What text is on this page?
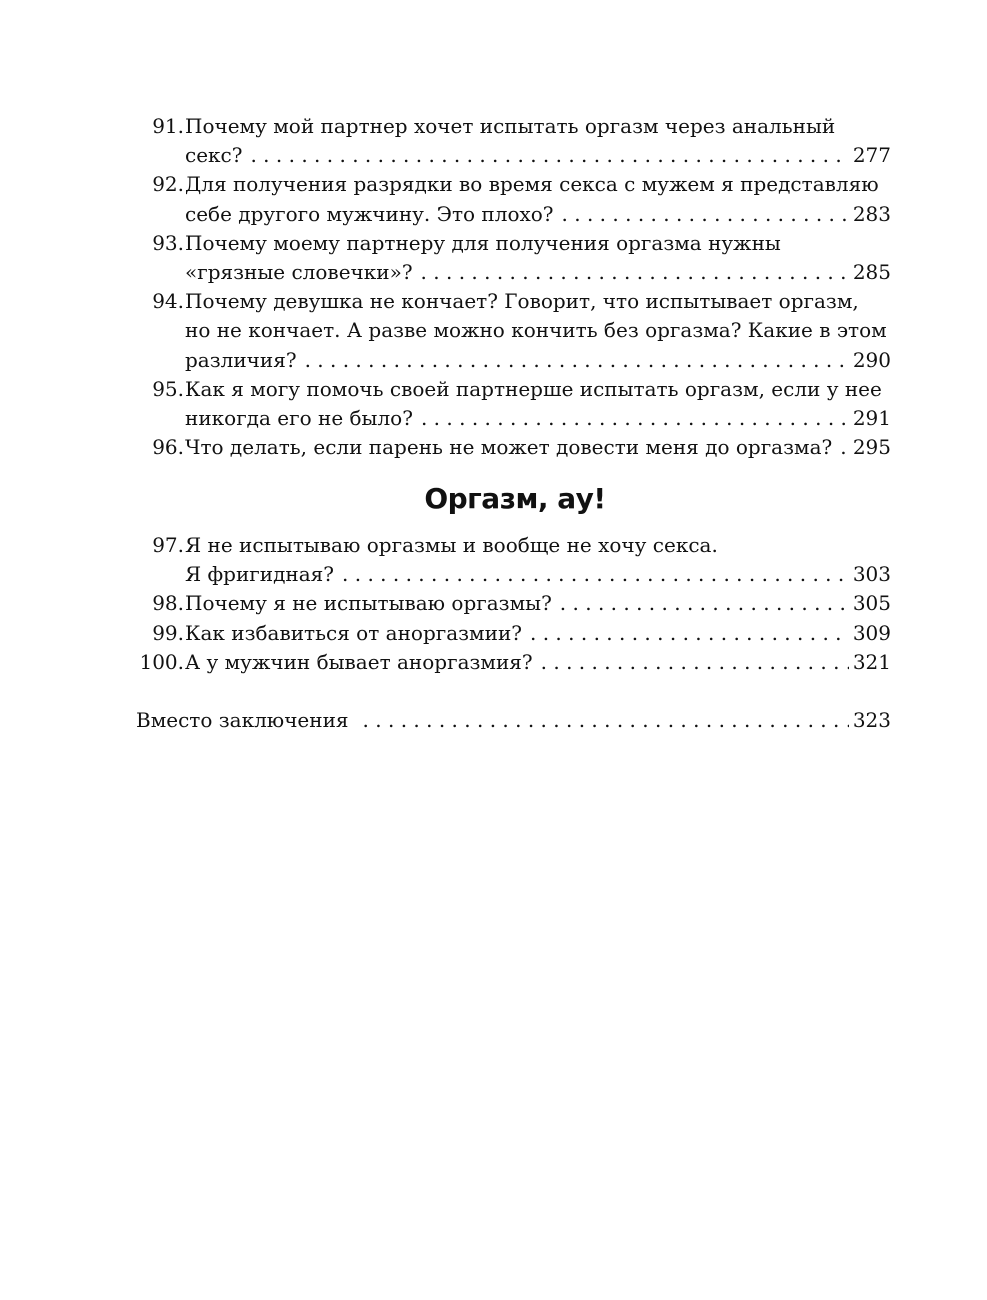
91. Почему мой партнер хочет испытать оргазм через анальный
секс? . . .	277
92. Для получения разрядки во время секса с мужем я представляю
себе другого мужчину. Это плохо? . . .	283
93. Почему моему партнеру для получения оргазма нужны
«грязные словечки»? . . .	285
94. Почему девушка не кончает? Говорит, что испытывает оргазм,
но не кончает. А разве можно кончить без оргазма? Какие в этом
различия? . . .	290
95. Как я могу помочь своей партнерше испытать оргазм, если у нее
никогда его не было? . . .	291
96. Что делать, если парень не может довести меня до оргазма? . . . 295
Оргазм, ау!
97. Я не испытываю оргазмы и вообще не хочу секса.
Я фригидная? . . .	303
98. Почему я не испытываю оргазмы? . . .	305
99. Как избавиться от аноргазмии? . . .	309
100. А у мужчин бывает аноргазмия? . . .	321
Вместо заключения . . .	323
